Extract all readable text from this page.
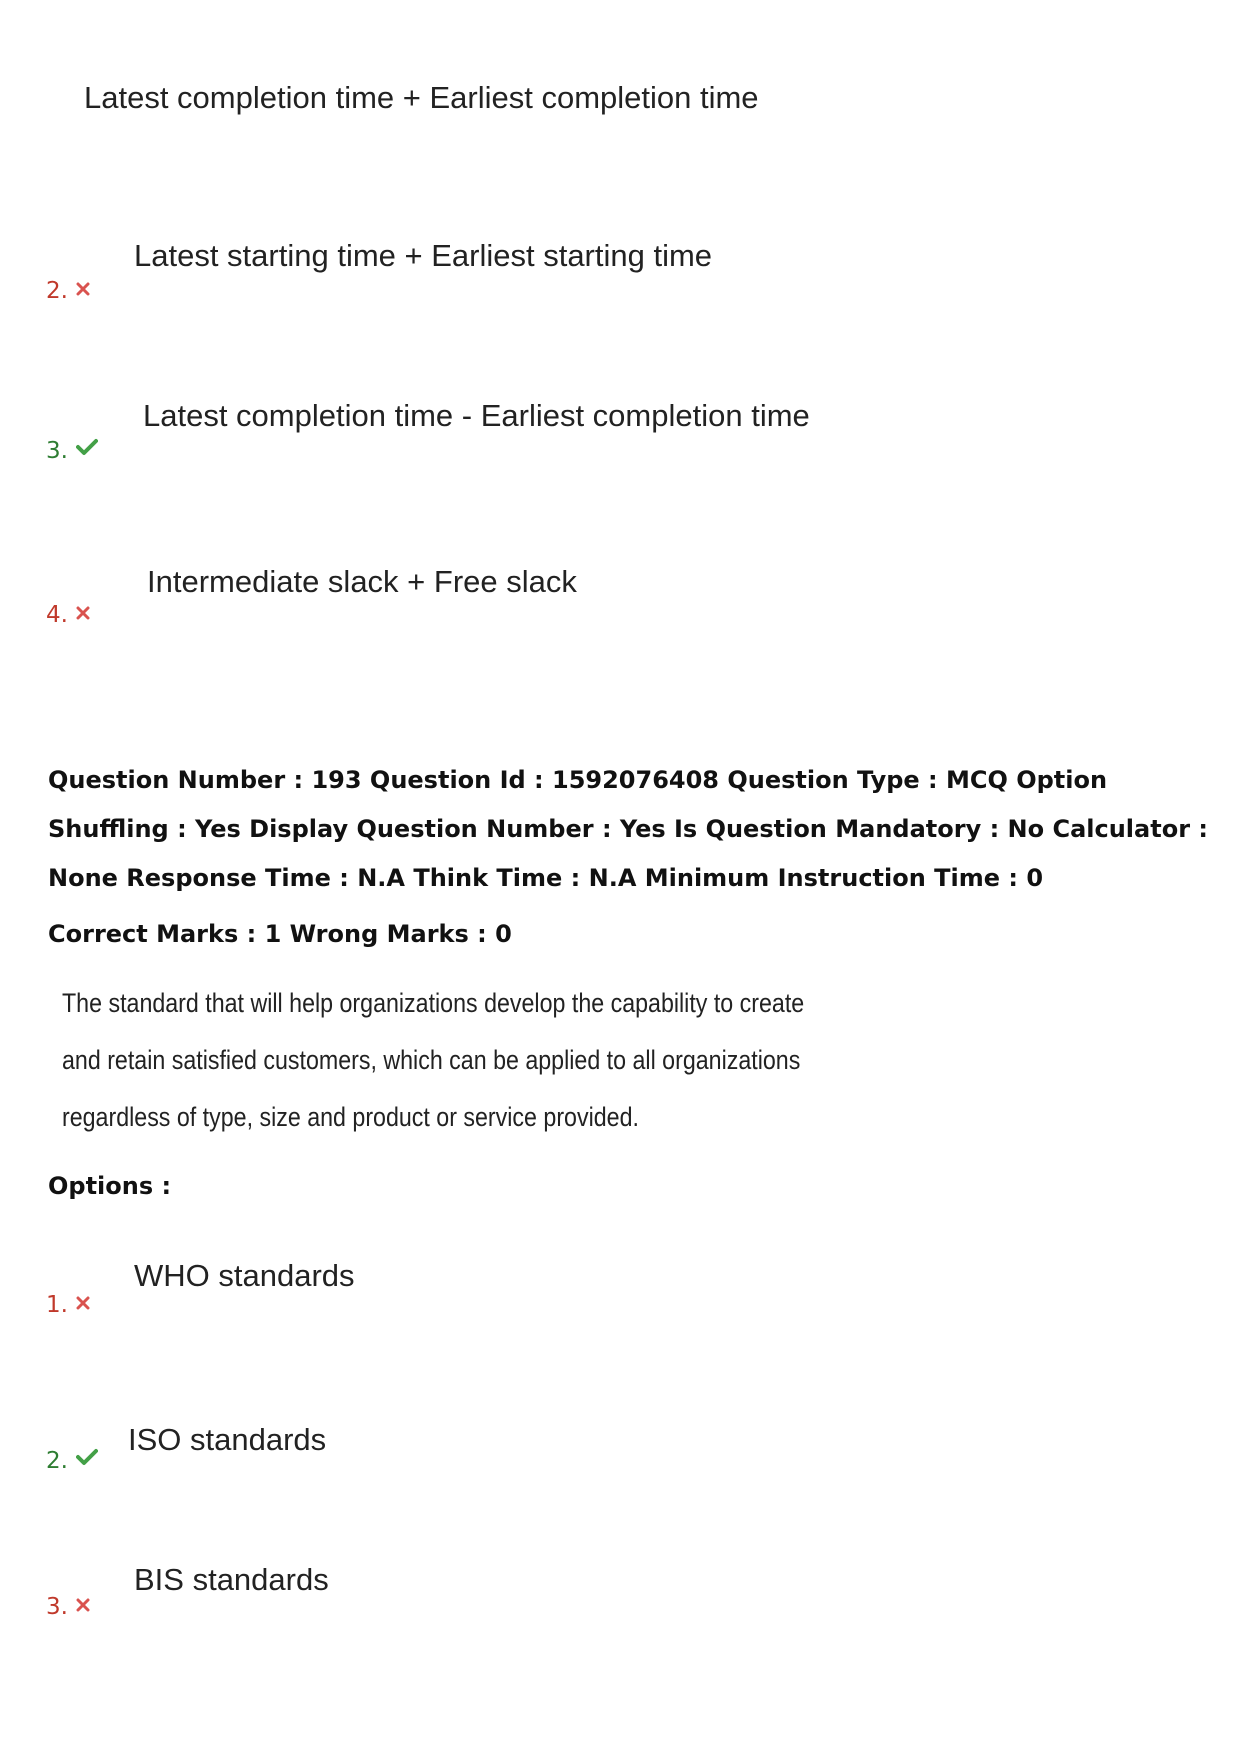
Latest completion time + Earliest completion time
2.
Latest starting time + Earliest starting time
3.
Latest completion time - Earliest completion time
4.
Intermediate slack + Free slack
Question Number : 193 Question Id : 1592076408 Question Type : MCQ Option Shuffling : Yes Display Question Number : Yes Is Question Mandatory : No Calculator : None Response Time : N.A Think Time : N.A Minimum Instruction Time : 0
Correct Marks : 1 Wrong Marks : 0
The standard that will help organizations develop the capability to create and retain satisfied customers, which can be applied to all organizations regardless of type, size and product or service provided.
Options :
1.
WHO standards
2.
ISO standards
3.
BIS standards
